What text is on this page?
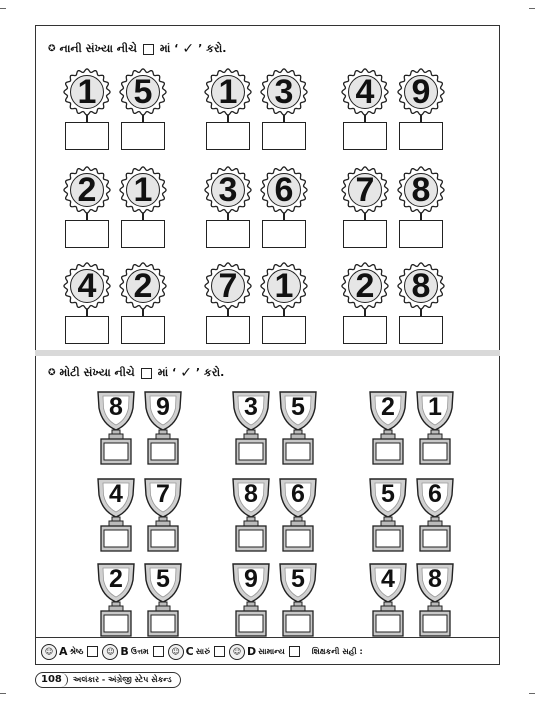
✪ નાની સંખ્યા નીચે માં ‘ ✓ ’ કરો.
1	5	1	3	4	9
2	1	3	6	7	8
4	2	7	1	2	8
✪ મોટી સંખ્યા નીચે માં ‘ ✓ ’ કરો.
8	9	3	5	2	1
4	7	8	6	5	6
2	5	9	5	4	8
☺ A શ્રેષ્ઠ	☺ B ઉત્તમ	☺ C સારું	☺ D સામાન્ય	શિક્ષકની સહી :
108	અલંકાર - અંગ્રેજી સ્ટેપ સેકન્ડ
